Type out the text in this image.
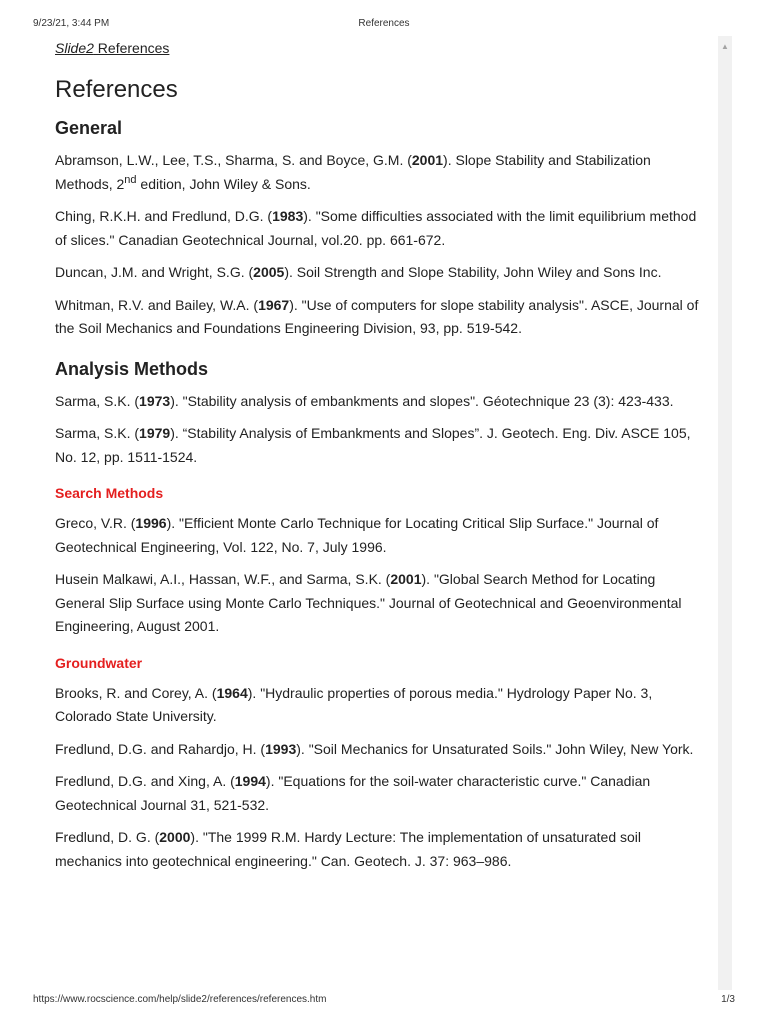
9/23/21, 3:44 PM	References
▲

Slide2 References

References
General

Abramson, L.W., Lee, T.S., Sharma, S. and Boyce, G.M. (2001). Slope Stability and Stabilization Methods, 2nd edition, John Wiley & Sons.

Ching, R.K.H. and Fredlund, D.G. (1983). "Some difficulties associated with the limit equilibrium method of slices." Canadian Geotechnical Journal, vol.20. pp. 661-672.

Duncan, J.M. and Wright, S.G. (2005). Soil Strength and Slope Stability, John Wiley and Sons Inc.

Whitman, R.V. and Bailey, W.A. (1967). "Use of computers for slope stability analysis". ASCE, Journal of the Soil Mechanics and Foundations Engineering Division, 93, pp. 519-542.

Analysis Methods

Sarma, S.K. (1973). "Stability analysis of embankments and slopes". Géotechnique 23 (3): 423-433.

Sarma, S.K. (1979). “Stability Analysis of Embankments and Slopes”. J. Geotech. Eng. Div. ASCE 105, No. 12, pp. 1511-1524.

Search Methods

Greco, V.R. (1996). "Efficient Monte Carlo Technique for Locating Critical Slip Surface." Journal of Geotechnical Engineering, Vol. 122, No. 7, July 1996.

Husein Malkawi, A.I., Hassan, W.F., and Sarma, S.K. (2001). "Global Search Method for Locating General Slip Surface using Monte Carlo Techniques." Journal of Geotechnical and Geoenvironmental Engineering, August 2001.

Groundwater

Brooks, R. and Corey, A. (1964). "Hydraulic properties of porous media." Hydrology Paper No. 3, Colorado State University.

Fredlund, D.G. and Rahardjo, H. (1993). "Soil Mechanics for Unsaturated Soils." John Wiley, New York.

Fredlund, D.G. and Xing, A. (1994). "Equations for the soil-water characteristic curve." Canadian Geotechnical Journal 31, 521-532.

Fredlund, D. G. (2000). "The 1999 R.M. Hardy Lecture: The implementation of unsaturated soil mechanics into geotechnical engineering." Can. Geotech. J. 37: 963–986.

https://www.rocscience.com/help/slide2/references/references.htm	1/3
